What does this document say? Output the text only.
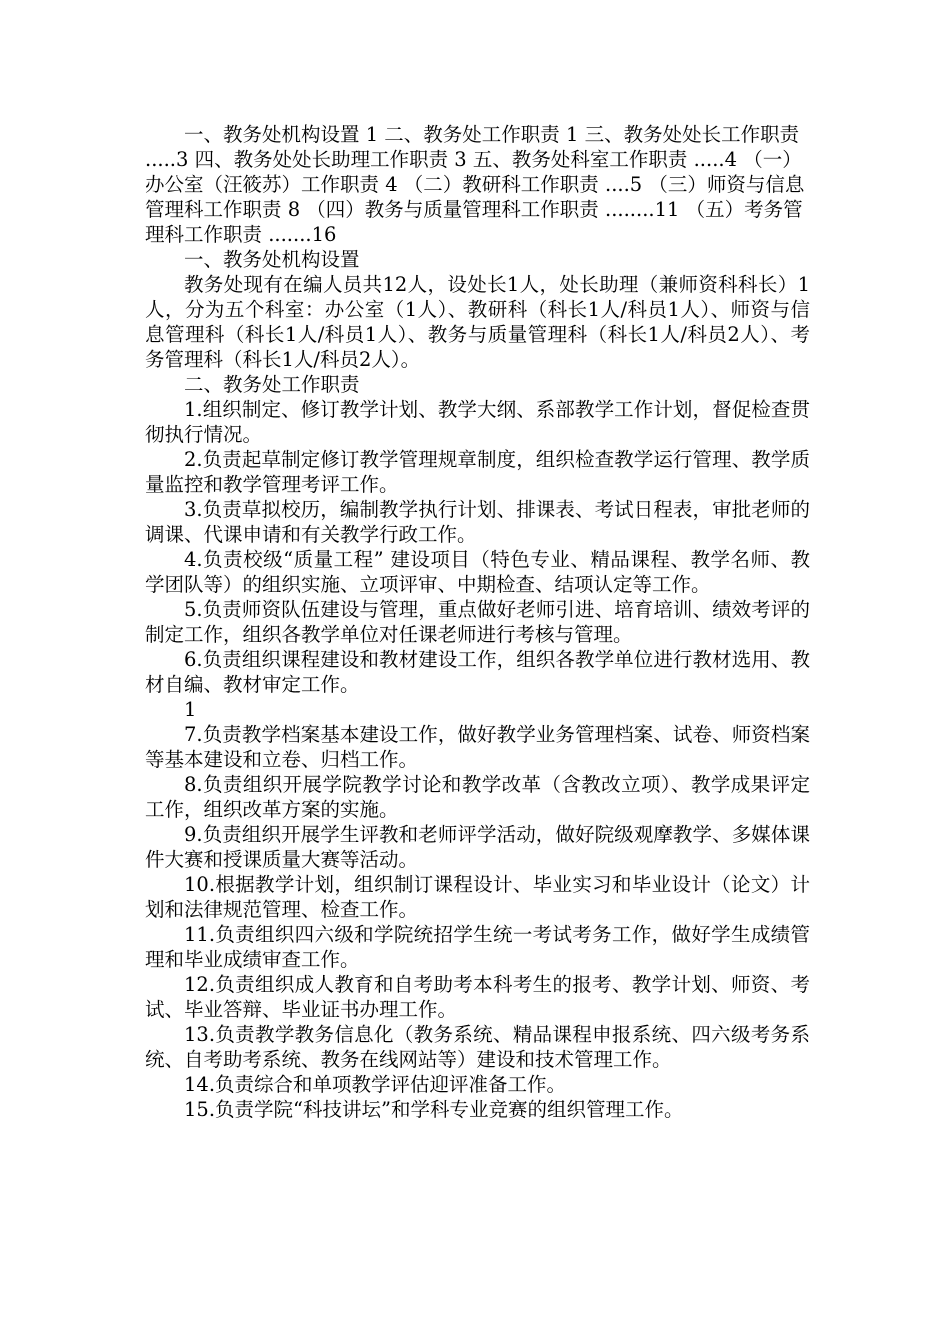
一、教务处机构设置 1 二、教务处工作职责 1 三、教务处处长工作职责 .....3 四、教务处处长助理工作职责 3 五、教务处科室工作职责 .....4 （一）办公室（汪筱苏）工作职责 4 （二）教研科工作职责 ....5 （三）师资与信息管理科工作职责 8 （四）教务与质量管理科工作职责 ........11 （五）考务管理科工作职责 .......16

一、教务处机构设置

教务处现有在编人员共12人，设处长1人，处长助理（兼师资科科长）1人，分为五个科室：办公室（1人）、教研科（科长1人/科员1人）、师资与信息管理科（科长1人/科员1人）、教务与质量管理科（科长1人/科员2人）、考务管理科（科长1人/科员2人）。

二、教务处工作职责

1.组织制定、修订教学计划、教学大纲、系部教学工作计划，督促检查贯彻执行情况。

2.负责起草制定修订教学管理规章制度，组织检查教学运行管理、教学质量监控和教学管理考评工作。

3.负责草拟校历，编制教学执行计划、排课表、考试日程表，审批老师的调课、代课申请和有关教学行政工作。

4.负责校级“质量工程” 建设项目（特色专业、精品课程、教学名师、教学团队等）的组织实施、立项评审、中期检查、结项认定等工作。

5.负责师资队伍建设与管理，重点做好老师引进、培育培训、绩效考评的制定工作，组织各教学单位对任课老师进行考核与管理。

6.负责组织课程建设和教材建设工作，组织各教学单位进行教材选用、教材自编、教材审定工作。

1

7.负责教学档案基本建设工作，做好教学业务管理档案、试卷、师资档案等基本建设和立卷、归档工作。

8.负责组织开展学院教学讨论和教学改革（含教改立项）、教学成果评定工作，组织改革方案的实施。

9.负责组织开展学生评教和老师评学活动，做好院级观摩教学、多媒体课件大赛和授课质量大赛等活动。

10.根据教学计划，组织制订课程设计、毕业实习和毕业设计（论文）计划和法律规范管理、检查工作。

11.负责组织四六级和学院统招学生统一考试考务工作，做好学生成绩管理和毕业成绩审查工作。

12.负责组织成人教育和自考助考本科考生的报考、教学计划、师资、考试、毕业答辩、毕业证书办理工作。

13.负责教学教务信息化（教务系统、精品课程申报系统、四六级考务系统、自考助考系统、教务在线网站等）建设和技术管理工作。

14.负责综合和单项教学评估迎评准备工作。

15.负责学院“科技讲坛”和学科专业竞赛的组织管理工作。
